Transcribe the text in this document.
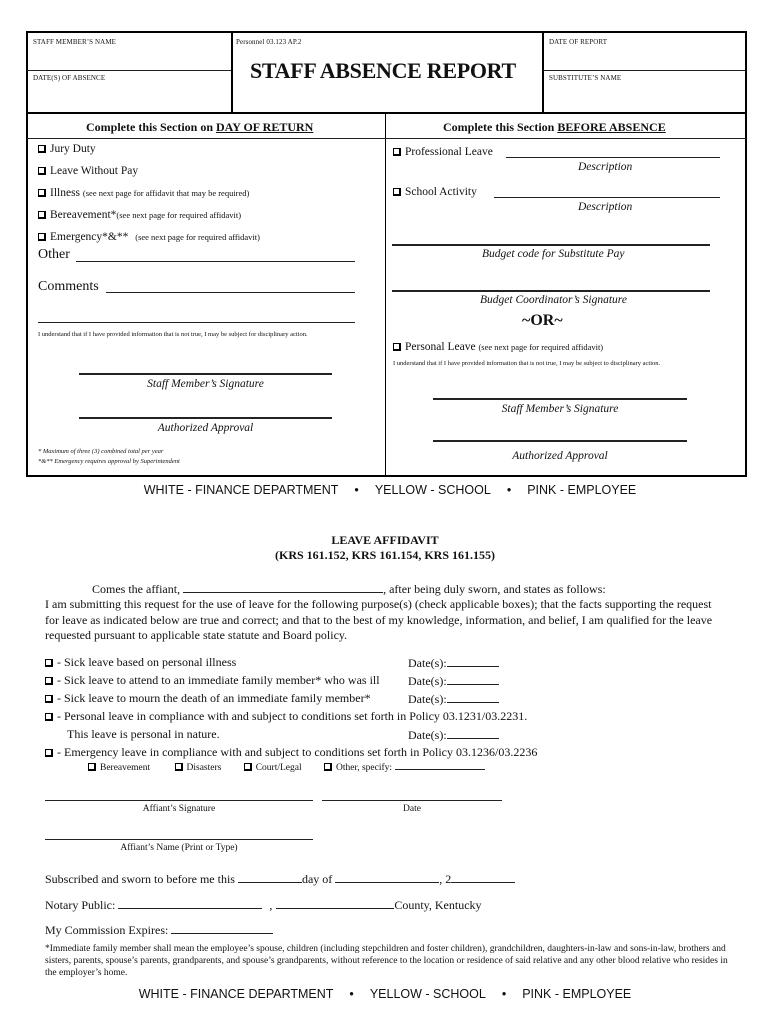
STAFF MEMBER’S NAME	Personnel 03.123 AP.2	DATE OF REPORT
DATE(S) OF ABSENCE	STAFF ABSENCE REPORT	SUBSTITUTE’S NAME
Complete this Section on DAY OF RETURN
Jury Duty
Leave Without Pay
Illness (see next page for affidavit that may be required)
Bereavement*(see next page for required affidavit)
Emergency*&** (see next page for required affidavit)
Other
Comments
I understand that if I have provided information that is not true, I may be subject for disciplinary action.
Staff Member’s Signature
Authorized Approval
* Maximum of three (3) combined total per year
*&** Emergency requires approval by Superintendent
Complete this Section BEFORE ABSENCE
Professional Leave
Description
School Activity
Description
Budget code for Substitute Pay
Budget Coordinator’s Signature
~OR~
Personal Leave (see next page for required affidavit)
I understand that if I have provided information that is not true, I may be subject to disciplinary action.
Staff Member’s Signature
Authorized Approval
WHITE - FINANCE DEPARTMENT • YELLOW - SCHOOL • PINK - EMPLOYEE
LEAVE AFFIDAVIT
(KRS 161.152, KRS 161.154, KRS 161.155)
Comes the affiant,	, after being duly sworn, and states as follows:
I am submitting this request for the use of leave for the following purpose(s) (check applicable boxes); that the facts supporting the request for leave as indicated below are true and correct; and that to the best of my knowledge, information, and belief, I am qualified for the leave requested pursuant to applicable state statute and Board policy.
- Sick leave based on personal illness	Date(s):
- Sick leave to attend to an immediate family member* who was ill Date(s):
- Sick leave to mourn the death of an immediate family member*	Date(s):
- Personal leave in compliance with and subject to conditions set forth in Policy 03.1231/03.2231.
This leave is personal in nature.	Date(s):
- Emergency leave in compliance with and subject to conditions set forth in Policy 03.1236/03.2236
Bereavement	Disasters	Court/Legal	Other, specify:
Affiant’s Signature	Date
Affiant’s Name (Print or Type)
Subscribed and sworn to before me this	day of	, 2
Notary Public:	,	County, Kentucky
My Commission Expires:
*Immediate family member shall mean the employee’s spouse, children (including stepchildren and foster children), grandchildren, daughters-in-law and sons-in-law, brothers and sisters, parents, spouse’s parents, grandparents, and spouse’s grandparents, without reference to the location or residence of said relative and any other blood relative who resides in the employer’s home.
WHITE - FINANCE DEPARTMENT • YELLOW - SCHOOL • PINK - EMPLOYEE
